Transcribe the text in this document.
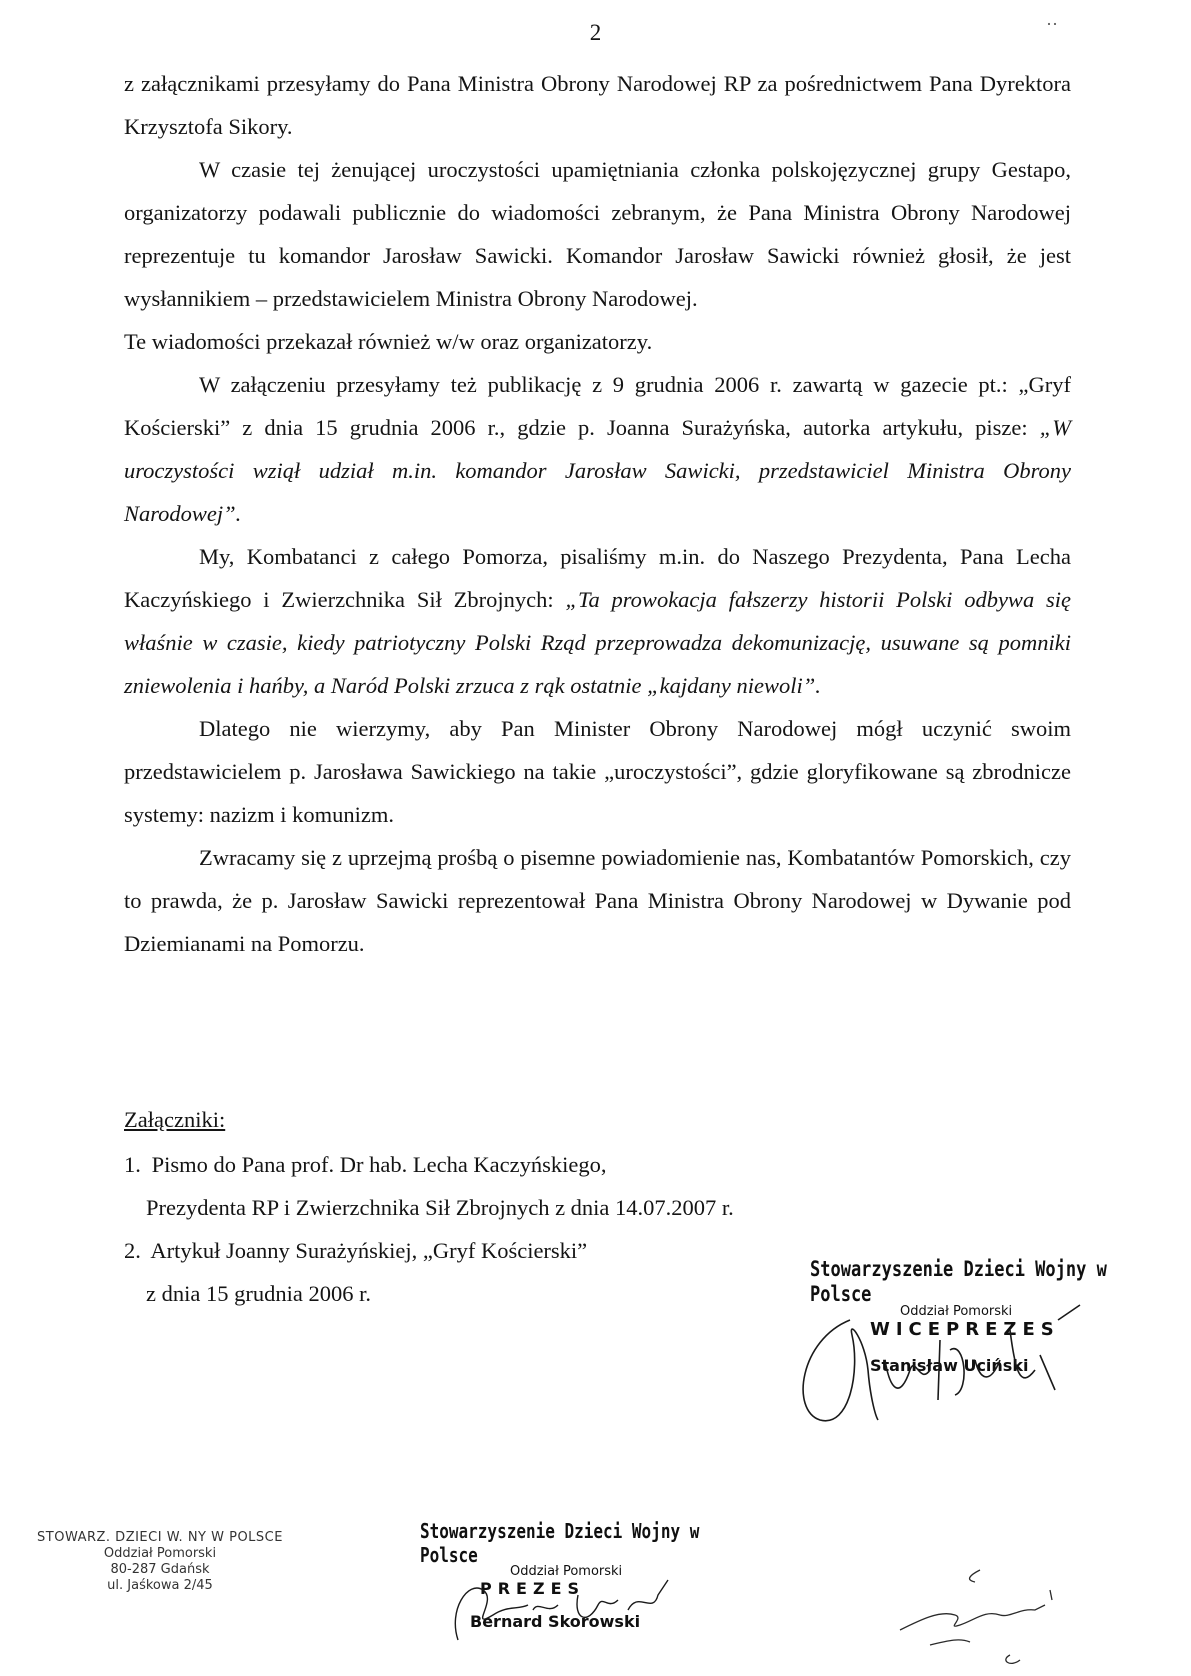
2	··

z załącznikami przesyłamy do Pana Ministra Obrony Narodowej RP za pośrednictwem Pana Dyrektora Krzysztofa Sikory.

W czasie tej żenującej uroczystości upamiętniania członka polskojęzycznej grupy Gestapo, organizatorzy podawali publicznie do wiadomości zebranym, że Pana Ministra Obrony Narodowej reprezentuje tu komandor Jarosław Sawicki. Komandor Jarosław Sawicki również głosił, że jest wysłannikiem – przedstawicielem Ministra Obrony Narodowej.

Te wiadomości przekazał również w/w oraz organizatorzy.

W załączeniu przesyłamy też publikację z 9 grudnia 2006 r. zawartą w gazecie pt.: „Gryf Kościerski” z dnia 15 grudnia 2006 r., gdzie p. Joanna Surażyńska, autorka artykułu, pisze: „W uroczystości wziął udział m.in. komandor Jarosław Sawicki, przedstawiciel Ministra Obrony Narodowej”.

My, Kombatanci z całego Pomorza, pisaliśmy m.in. do Naszego Prezydenta, Pana Lecha Kaczyńskiego i Zwierzchnika Sił Zbrojnych: „Ta prowokacja fałszerzy historii Polski odbywa się właśnie w czasie, kiedy patriotyczny Polski Rząd przeprowadza dekomunizację, usuwane są pomniki zniewolenia i hańby, a Naród Polski zrzuca z rąk ostatnie „kajdany niewoli”.

Dlatego nie wierzymy, aby Pan Minister Obrony Narodowej mógł uczynić swoim przedstawicielem p. Jarosława Sawickiego na takie „uroczystości”, gdzie gloryfikowane są zbrodnicze systemy: nazizm i komunizm.

Zwracamy się z uprzejmą prośbą o pisemne powiadomienie nas, Kombatantów Pomorskich, czy to prawda, że p. Jarosław Sawicki reprezentował Pana Ministra Obrony Narodowej w Dywanie pod Dziemianami na Pomorzu.

Załączniki:
1. Pismo do Pana prof. Dr hab. Lecha Kaczyńskiego,
Prezydenta RP i Zwierzchnika Sił Zbrojnych z dnia 14.07.2007 r.
2. Artykuł Joanny Surażyńskiej, „Gryf Kościerski”
z dnia 15 grudnia 2006 r.
Stowarzyszenie Dzieci Wojny w Polsce
Oddział Pomorski
WICEPREZES
Stanisław Uciński
STOWARZ. DZIECI W. NY W POLSCE
Oddział Pomorski
80-287 Gdańsk
ul. Jaśkowa 2/45
Stowarzyszenie Dzieci Wojny w Polsce
Oddział Pomorski
PREZES
Bernard Skorowski
